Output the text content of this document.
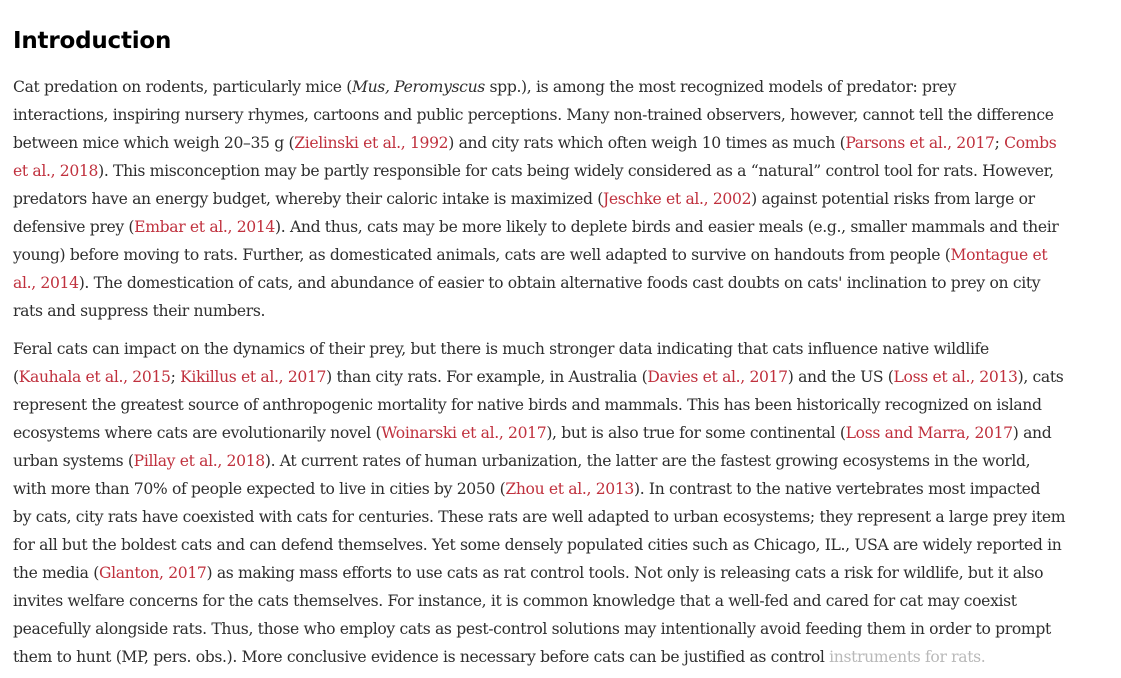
Introduction

Cat predation on rodents, particularly mice (Mus, Peromyscus spp.), is among the most recognized models of predator: prey
interactions, inspiring nursery rhymes, cartoons and public perceptions. Many non-trained observers, however, cannot tell the difference
between mice which weigh 20–35 g (Zielinski et al., 1992) and city rats which often weigh 10 times as much (Parsons et al., 2017; Combs
et al., 2018). This misconception may be partly responsible for cats being widely considered as a “natural” control tool for rats. However,
predators have an energy budget, whereby their caloric intake is maximized (Jeschke et al., 2002) against potential risks from large or
defensive prey (Embar et al., 2014). And thus, cats may be more likely to deplete birds and easier meals (e.g., smaller mammals and their
young) before moving to rats. Further, as domesticated animals, cats are well adapted to survive on handouts from people (Montague et
al., 2014). The domestication of cats, and abundance of easier to obtain alternative foods cast doubts on cats' inclination to prey on city
rats and suppress their numbers.

Feral cats can impact on the dynamics of their prey, but there is much stronger data indicating that cats influence native wildlife
(Kauhala et al., 2015; Kikillus et al., 2017) than city rats. For example, in Australia (Davies et al., 2017) and the US (Loss et al., 2013), cats
represent the greatest source of anthropogenic mortality for native birds and mammals. This has been historically recognized on island
ecosystems where cats are evolutionarily novel (Woinarski et al., 2017), but is also true for some continental (Loss and Marra, 2017) and
urban systems (Pillay et al., 2018). At current rates of human urbanization, the latter are the fastest growing ecosystems in the world,
with more than 70% of people expected to live in cities by 2050 (Zhou et al., 2013). In contrast to the native vertebrates most impacted
by cats, city rats have coexisted with cats for centuries. These rats are well adapted to urban ecosystems; they represent a large prey item
for all but the boldest cats and can defend themselves. Yet some densely populated cities such as Chicago, IL., USA are widely reported in
the media (Glanton, 2017) as making mass efforts to use cats as rat control tools. Not only is releasing cats a risk for wildlife, but it also
invites welfare concerns for the cats themselves. For instance, it is common knowledge that a well-fed and cared for cat may coexist
peacefully alongside rats. Thus, those who employ cats as pest-control solutions may intentionally avoid feeding them in order to prompt
them to hunt (MP, pers. obs.). More conclusive evidence is necessary before cats can be justified as control instruments for rats.
